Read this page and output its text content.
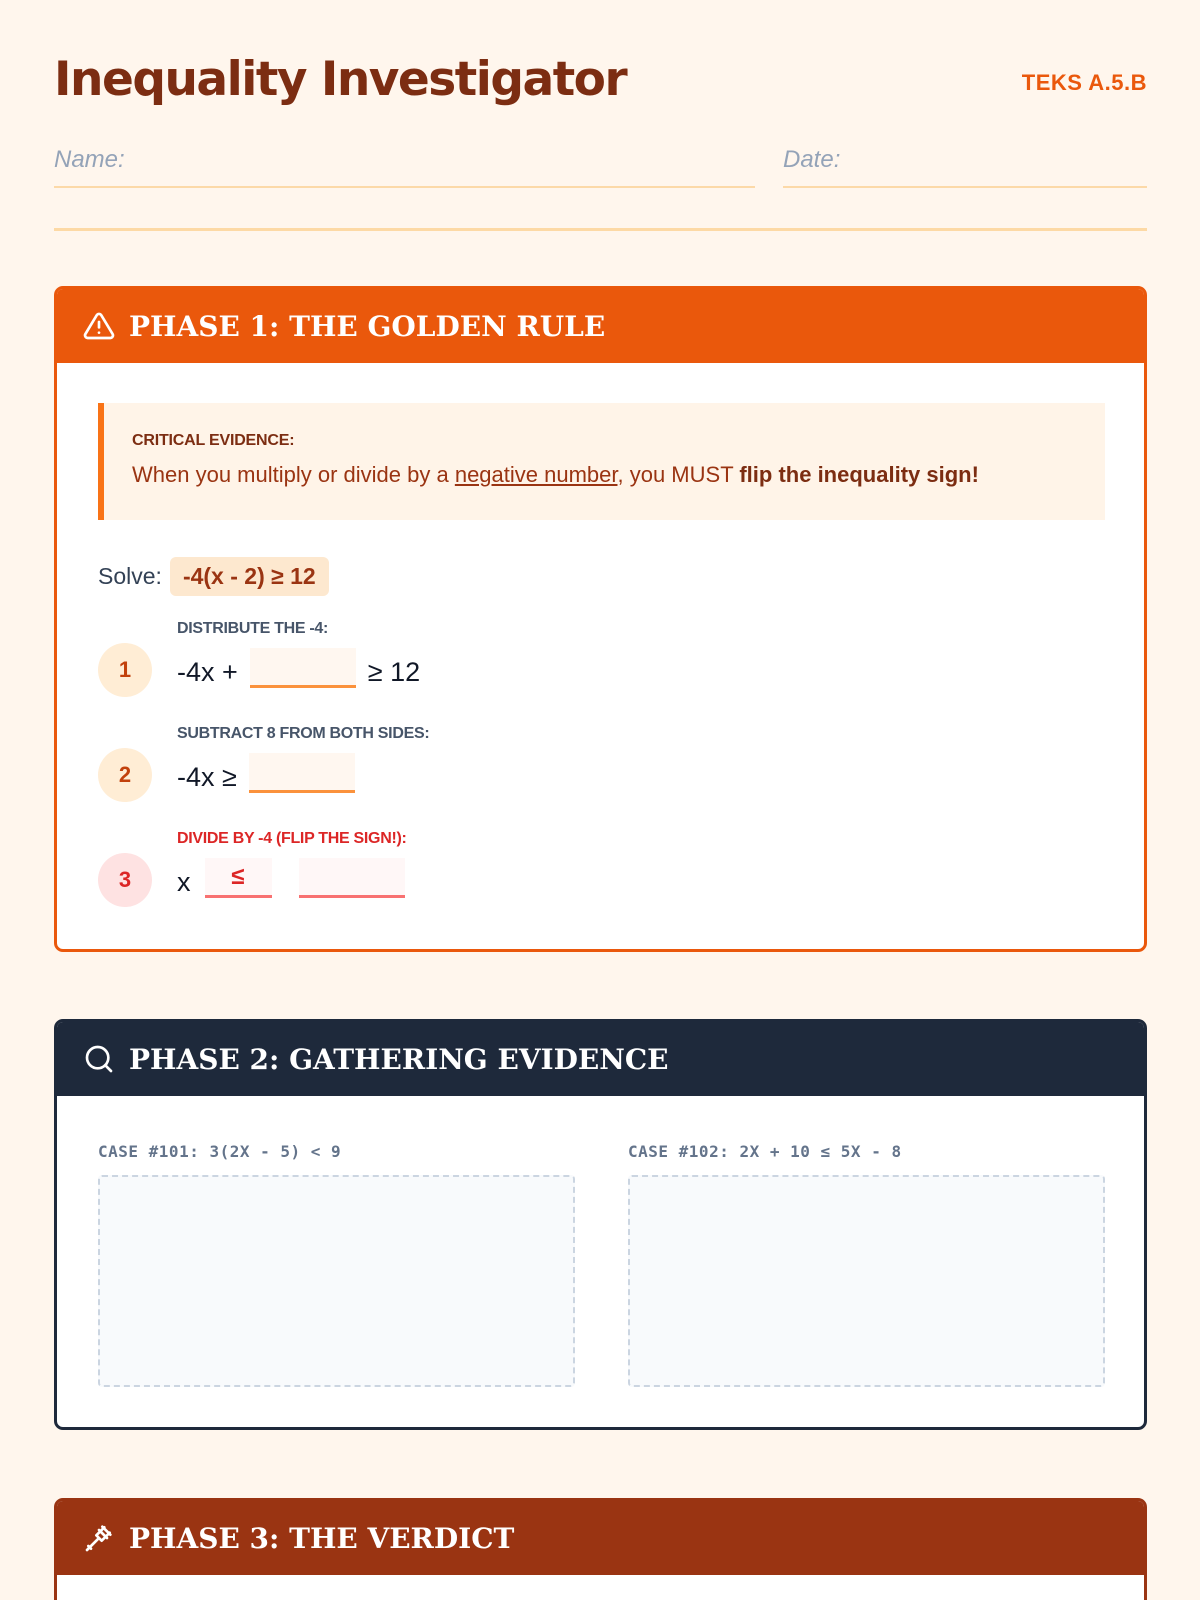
Inequality Investigator	TEKS A.5.B
Name:	Date:
PHASE 1: THE GOLDEN RULE
CRITICAL EVIDENCE:
When you multiply or divide by a negative number, you MUST flip the inequality sign!
Solve: -4(x - 2) ≥ 12
1
DISTRIBUTE THE -4:
-4x +	≥ 12
2
SUBTRACT 8 FROM BOTH SIDES:
-4x ≥
3
DIVIDE BY -4 (FLIP THE SIGN!):
x	≤
PHASE 2: GATHERING EVIDENCE
CASE #101: 3(2X - 5) < 9	CASE #102: 2X + 10 ≤ 5X - 8
PHASE 3: THE VERDICT
